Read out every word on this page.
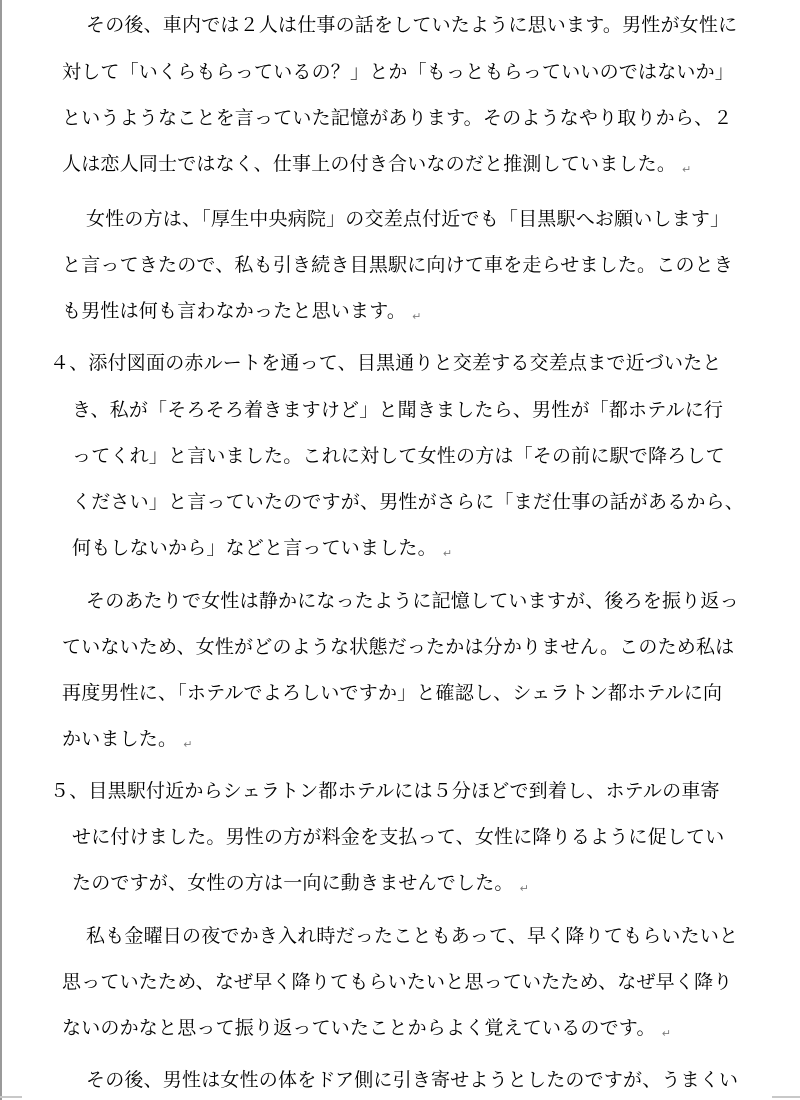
その後、車内では２人は仕事の話をしていたように思います。男性が女性に
対して「いくらもらっているの？」とか「もっともらっていいのではないか」
というようなことを言っていた記憶があります。そのようなやり取りから、２
人は恋人同士ではなく、仕事上の付き合いなのだと推測していました。 ↵
女性の方は、「厚生中央病院」の交差点付近でも「目黒駅へお願いします」
と言ってきたので、私も引き続き目黒駅に向けて車を走らせました。このとき
も男性は何も言わなかったと思います。 ↵
４、添付図面の赤ルートを通って、目黒通りと交差する交差点まで近づいたと
き、私が「そろそろ着きますけど」と聞きましたら、男性が「都ホテルに行
ってくれ」と言いました。これに対して女性の方は「その前に駅で降ろして
ください」と言っていたのですが、男性がさらに「まだ仕事の話があるから、
何もしないから」などと言っていました。 ↵
そのあたりで女性は静かになったように記憶していますが、後ろを振り返っ
ていないため、女性がどのような状態だったかは分かりません。このため私は
再度男性に、「ホテルでよろしいですか」と確認し、シェラトン都ホテルに向
かいました。 ↵
５、目黒駅付近からシェラトン都ホテルには５分ほどで到着し、ホテルの車寄
せに付けました。男性の方が料金を支払って、女性に降りるように促してい
たのですが、女性の方は一向に動きませんでした。 ↵
私も金曜日の夜でかき入れ時だったこともあって、早く降りてもらいたいと
思っていたため、なぜ早く降りてもらいたいと思っていたため、なぜ早く降り
ないのかなと思って振り返っていたことからよく覚えているのです。 ↵
その後、男性は女性の体をドア側に引き寄せようとしたのですが、うまくい
